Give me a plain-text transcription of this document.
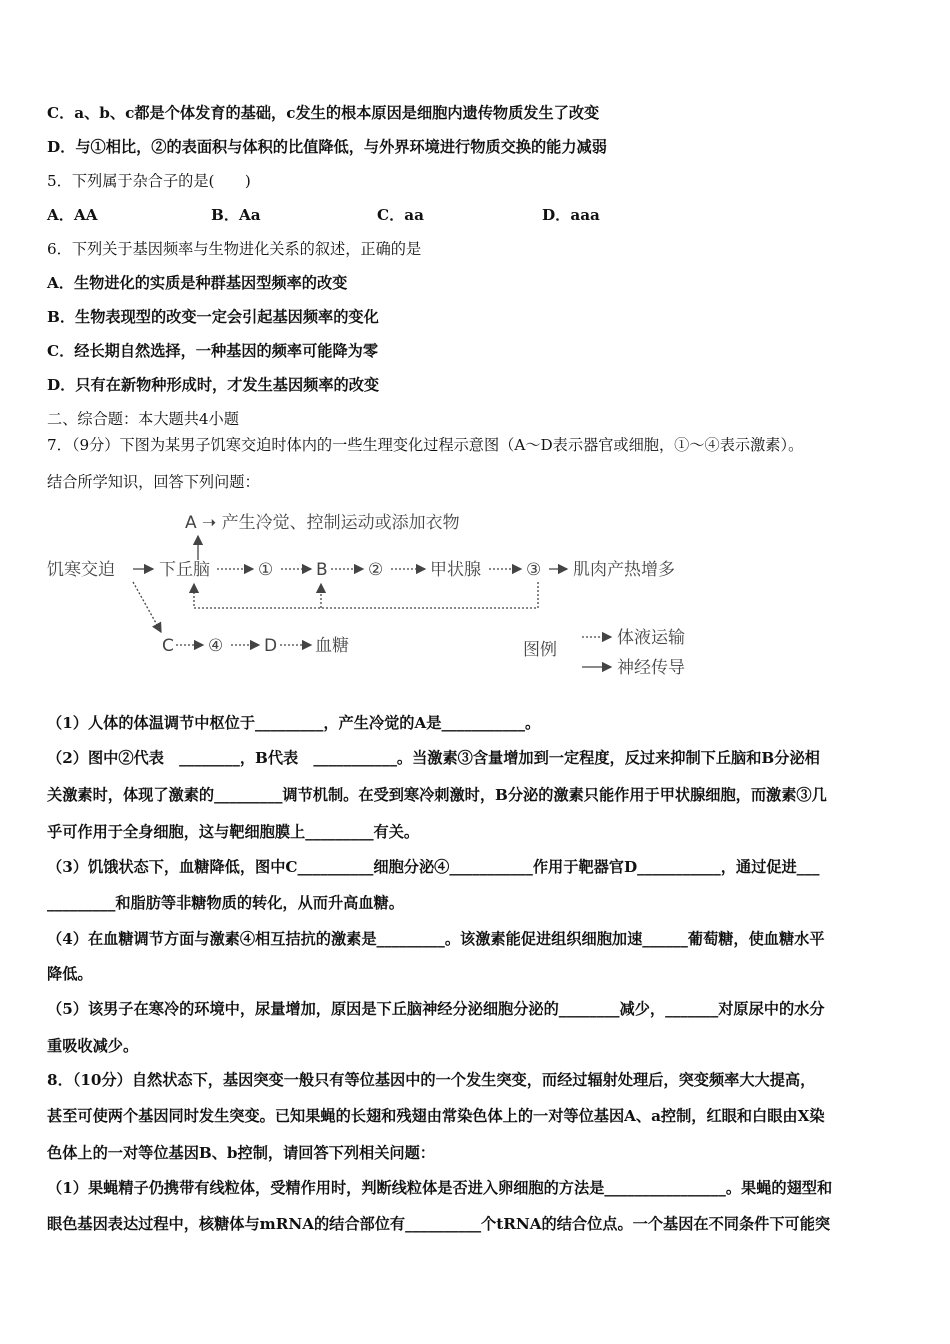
C．a、b、c都是个体发育的基础，c发生的根本原因是细胞内遗传物质发生了改变
D．与①相比，②的表面积与体积的比值降低，与外界环境进行物质交换的能力减弱
5．下列属于杂合子的是(　　)
A．AA	B．Aa	C．aa	D．aaa
6．下列关于基因频率与生物进化关系的叙述，正确的是
A．生物进化的实质是种群基因型频率的改变
B．生物表现型的改变一定会引起基因频率的变化
C．经长期自然选择，一种基因的频率可能降为零
D．只有在新物种形成时，才发生基因频率的改变
二、综合题：本大题共4小题
7．（9分）下图为某男子饥寒交迫时体内的一些生理变化过程示意图（A～D表示器官或细胞，①～④表示激素）。
结合所学知识，回答下列问题：
A ➝ 产生冷觉、控制运动或添加衣物
饥寒交迫	下丘脑	①	B ②	甲状腺	③ 肌肉产热增多
C ④ D 血糖	图例
体液运输
神经传导
（1）人体的体温调节中枢位于_________，产生冷觉的A是___________。
（2）图中②代表　________，B代表　___________。当激素③含量增加到一定程度，反过来抑制下丘脑和B分泌相
关激素时，体现了激素的_________调节机制。在受到寒冷刺激时，B分泌的激素只能作用于甲状腺细胞，而激素③几
乎可作用于全身细胞，这与靶细胞膜上_________有关。
（3）饥饿状态下，血糖降低，图中C__________细胞分泌④___________作用于靶器官D___________，通过促进___
_________和脂肪等非糖物质的转化，从而升高血糖。
（4）在血糖调节方面与激素④相互拮抗的激素是_________。该激素能促进组织细胞加速______葡萄糖，使血糖水平
降低。
（5）该男子在寒冷的环境中，尿量增加，原因是下丘脑神经分泌细胞分泌的________减少，_______对原尿中的水分
重吸收减少。
8．（10分）自然状态下，基因突变一般只有等位基因中的一个发生突变，而经过辐射处理后，突变频率大大提高，
甚至可使两个基因同时发生突变。已知果蝇的长翅和残翅由常染色体上的一对等位基因A、a控制，红眼和白眼由X染
色体上的一对等位基因B、b控制，请回答下列相关问题：
（1）果蝇精子仍携带有线粒体，受精作用时，判断线粒体是否进入卵细胞的方法是________________。果蝇的翅型和
眼色基因表达过程中，核糖体与mRNA的结合部位有__________个tRNA的结合位点。一个基因在不同条件下可能突
